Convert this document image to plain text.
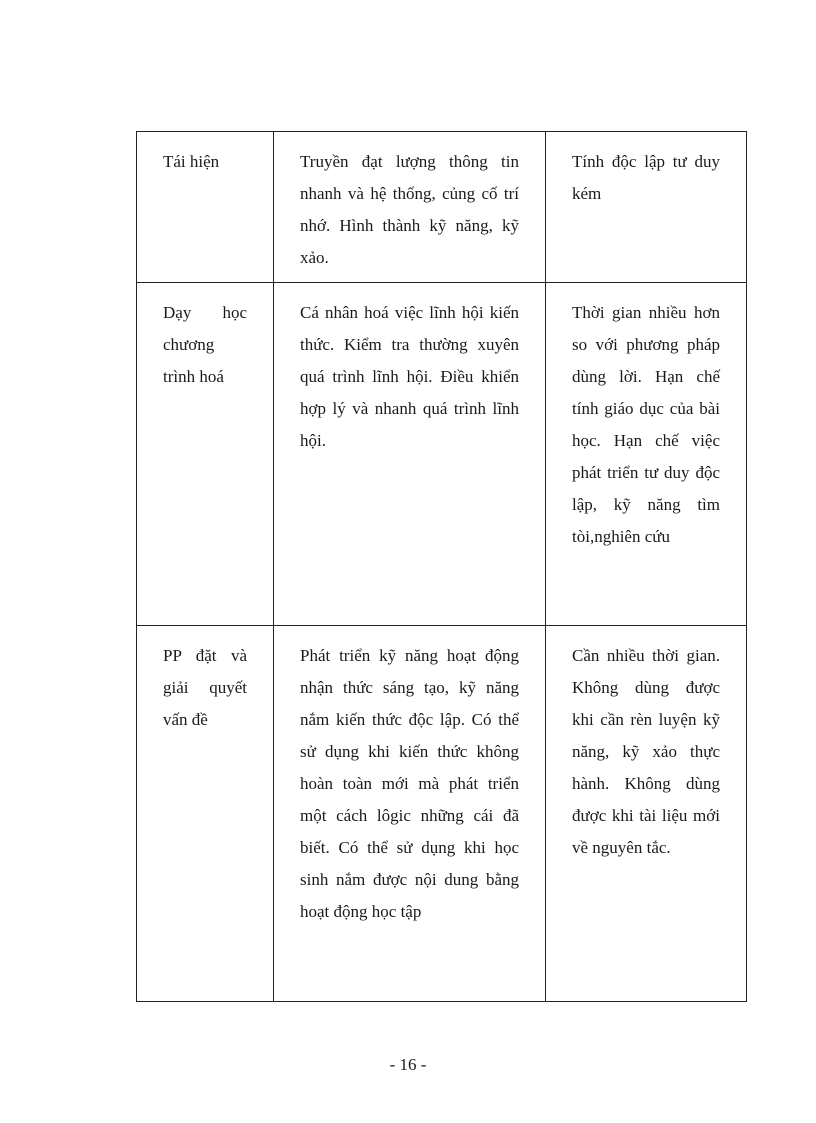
Tái hiện	Truyền đạt lượng thông tin nhanh và hệ thống, củng cố trí nhớ. Hình thành kỹ năng, kỹ xảo.	Tính độc lập tư duy kém
Dạy học chương trình hoá	Cá nhân hoá việc lĩnh hội kiến thức. Kiểm tra thường xuyên quá trình lĩnh hội. Điều khiển hợp lý và nhanh quá trình lĩnh hội.	Thời gian nhiều hơn so với phương pháp dùng lời. Hạn chế tính giáo dục của bài học. Hạn chế việc phát triển tư duy độc lập, kỹ năng tìm tòi,nghiên cứu
PP đặt và giải quyết vấn đề	Phát triển kỹ năng hoạt động nhận thức sáng tạo, kỹ năng nắm kiến thức độc lập. Có thể sử dụng khi kiến thức không hoàn toàn mới mà phát triển một cách lôgic những cái đã biết. Có thể sử dụng khi học sinh nắm được nội dung bằng hoạt động học tập	Cần nhiều thời gian. Không dùng được khi cần rèn luyện kỹ năng, kỹ xảo thực hành. Không dùng được khi tài liệu mới về nguyên tắc.
- 16 -
